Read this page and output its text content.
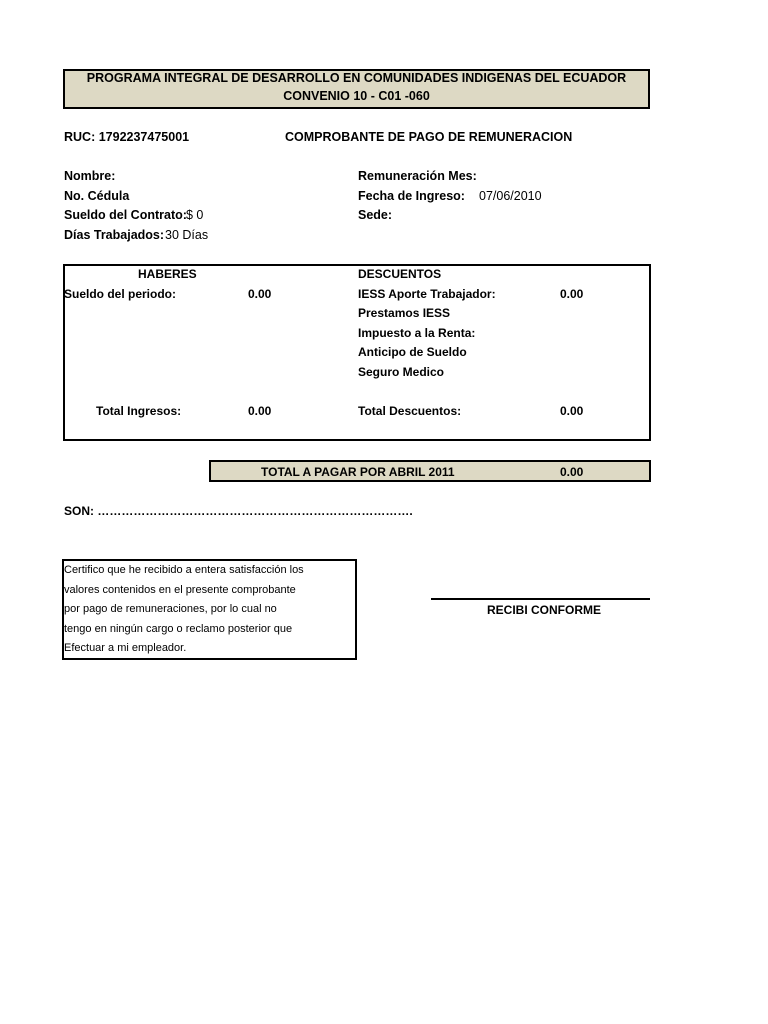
PROGRAMA INTEGRAL DE DESARROLLO EN COMUNIDADES INDIGENAS DEL ECUADOR
CONVENIO 10 - C01 -060
RUC: 1792237475001	COMPROBANTE DE PAGO DE REMUNERACION
Nombre:
No. Cédula
Sueldo del Contrato: $ 0
Días Trabajados: 30 Días
Remuneración Mes:
Fecha de Ingreso: 07/06/2010
Sede:
HABERES
Sueldo del periodo:	0.00
Total Ingresos:	0.00
DESCUENTOS
IESS Aporte Trabajador:	0.00
Prestamos IESS
Impuesto a la Renta:
Anticipo de Sueldo
Seguro Medico
Total Descuentos:	0.00
TOTAL A PAGAR POR ABRIL 2011	0.00
SON: …………………………………………………………………….
Certifico que he recibido a entera satisfacción los
valores contenidos en el presente comprobante
por pago de remuneraciones, por lo cual no
tengo en ningún cargo o reclamo posterior que
Efectuar a mi empleador.
RECIBI CONFORME
